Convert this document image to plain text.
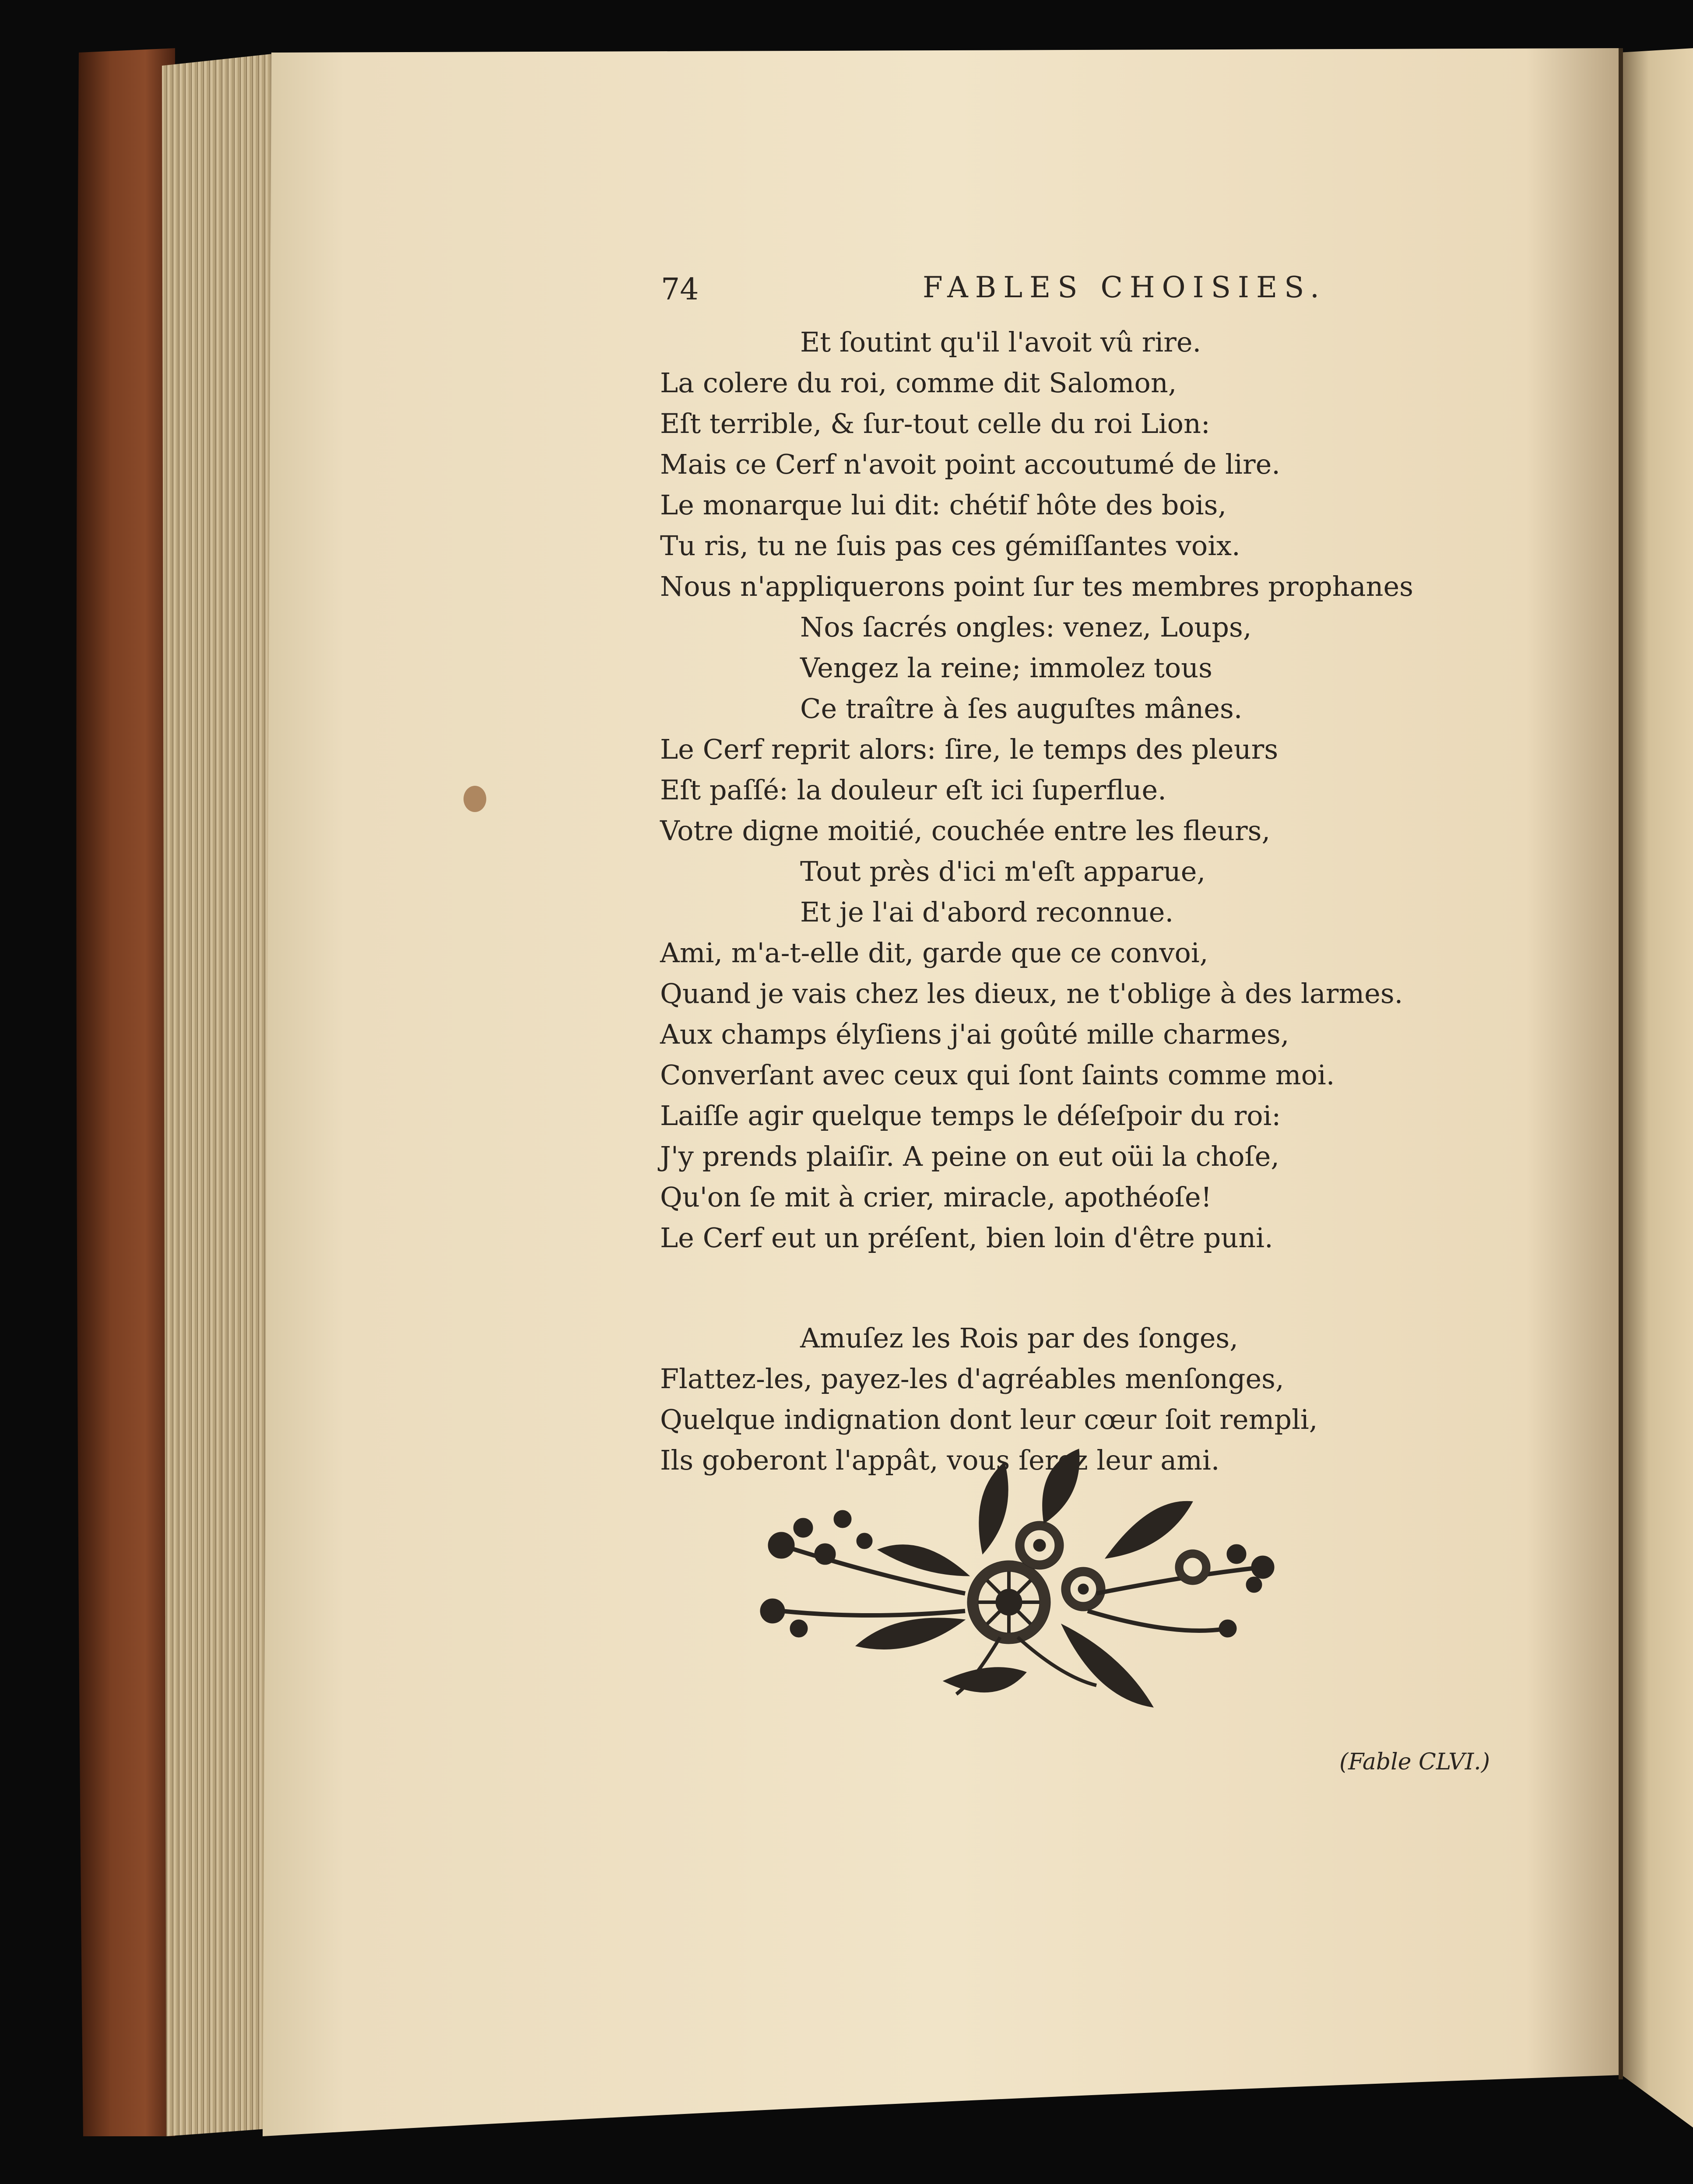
74	FABLES CHOISIES.
Et ſoutint qu'il l'avoit vû rire.
La colere du roi, comme dit Salomon,
Eſt terrible, & ſur-tout celle du roi Lion:
Mais ce Cerf n'avoit point accoutumé de lire.
Le monarque lui dit: chétif hôte des bois,
Tu ris, tu ne ſuis pas ces gémiſſantes voix.
Nous n'appliquerons point ſur tes membres prophanes
Nos ſacrés ongles: venez, Loups,
Vengez la reine; immolez tous
Ce traître à ſes auguſtes mânes.
Le Cerf reprit alors: ſire, le temps des pleurs
Eſt paſſé: la douleur eſt ici ſuperflue.
Votre digne moitié, couchée entre les fleurs,
Tout près d'ici m'eſt apparue,
Et je l'ai d'abord reconnue.
Ami, m'a-t-elle dit, garde que ce convoi,
Quand je vais chez les dieux, ne t'oblige à des larmes.
Aux champs élyſiens j'ai goûté mille charmes,
Converſant avec ceux qui ſont ſaints comme moi.
Laiſſe agir quelque temps le déſeſpoir du roi:
J'y prends plaiſir. A peine on eut oüi la choſe,
Qu'on ſe mit à crier, miracle, apothéoſe!
Le Cerf eut un préſent, bien loin d'être puni.
Amuſez les Rois par des ſonges,
Flattez-les, payez-les d'agréables menſonges,
Quelque indignation dont leur cœur ſoit rempli,
Ils goberont l'appât, vous ſerez leur ami.
(Fable CLVI.)
